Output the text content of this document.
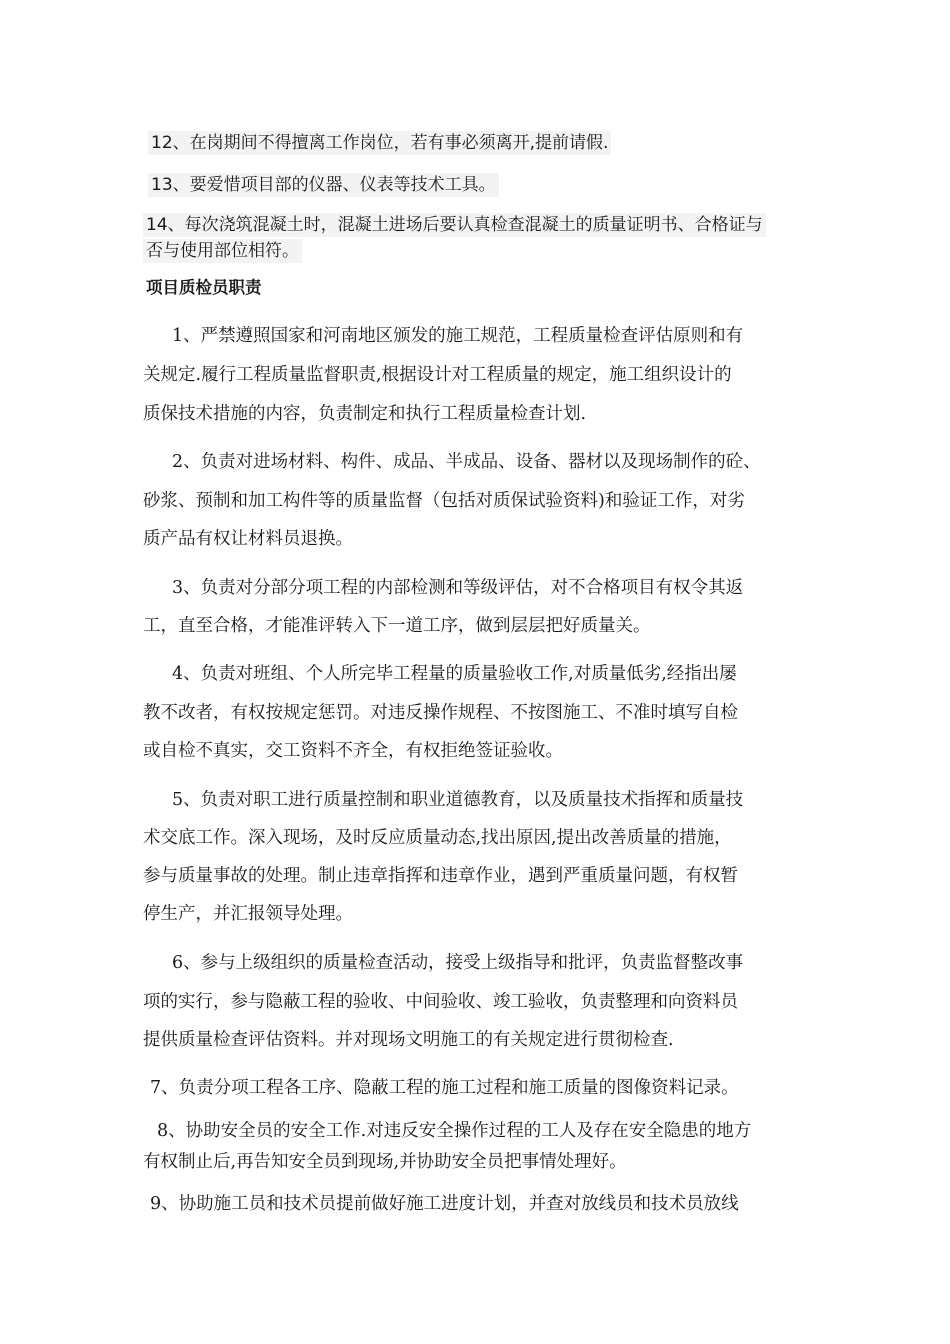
12、在岗期间不得擅离工作岗位，若有事必须离开,提前请假.

13、要爱惜项目部的仪器、仪表等技术工具。

14、每次浇筑混凝土时，混凝土进场后要认真检查混凝土的质量证明书、合格证与

否与使用部位相符。

项目质检员职责

1、严禁遵照国家和河南地区颁发的施工规范，工程质量检查评估原则和有

关规定.履行工程质量监督职责,根据设计对工程质量的规定，施工组织设计的

质保技术措施的内容，负责制定和执行工程质量检查计划.

2、负责对进场材料、构件、成品、半成品、设备、器材以及现场制作的砼、

砂浆、预制和加工构件等的质量监督（包括对质保试验资料)和验证工作，对劣

质产品有权让材料员退换。

3、负责对分部分项工程的内部检测和等级评估，对不合格项目有权令其返

工，直至合格，才能准评转入下一道工序，做到层层把好质量关。

4、负责对班组、个人所完毕工程量的质量验收工作,对质量低劣,经指出屡

教不改者，有权按规定惩罚。对违反操作规程、不按图施工、不准时填写自检

或自检不真实，交工资料不齐全，有权拒绝签证验收。

5、负责对职工进行质量控制和职业道德教育，以及质量技术指挥和质量技

术交底工作。深入现场，及时反应质量动态,找出原因,提出改善质量的措施，

参与质量事故的处理。制止违章指挥和违章作业，遇到严重质量问题，有权暂

停生产，并汇报领导处理。

6、参与上级组织的质量检查活动，接受上级指导和批评，负责监督整改事

项的实行，参与隐蔽工程的验收、中间验收、竣工验收，负责整理和向资料员

提供质量检查评估资料。并对现场文明施工的有关规定进行贯彻检查.

7、负责分项工程各工序、隐蔽工程的施工过程和施工质量的图像资料记录。

8、协助安全员的安全工作.对违反安全操作过程的工人及存在安全隐患的地方

有权制止后,再告知安全员到现场,并协助安全员把事情处理好。

9、协助施工员和技术员提前做好施工进度计划，并查对放线员和技术员放线
